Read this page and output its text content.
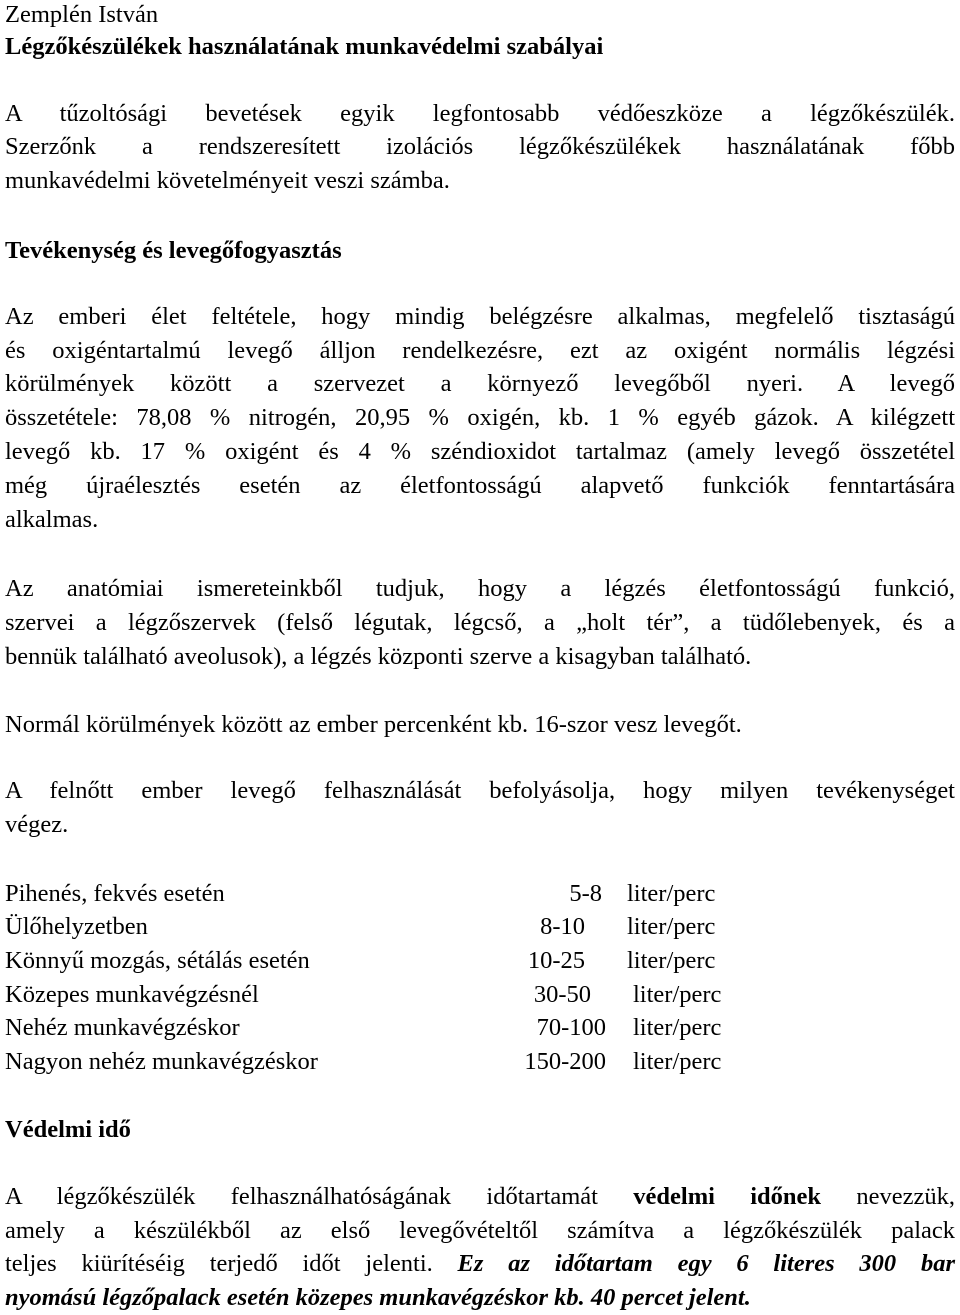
Zemplén István
Légzőkészülékek használatának munkavédelmi szabályai
A tűzoltósági bevetések egyik legfontosabb védőeszköze a légzőkészülék.
Szerzőnk a rendszeresített izolációs légzőkészülékek használatának főbb
munkavédelmi követelményeit veszi számba.
Tevékenység és levegőfogyasztás
Az emberi élet feltétele, hogy mindig belégzésre alkalmas, megfelelő tisztaságú
és oxigéntartalmú levegő álljon rendelkezésre, ezt az oxigént normális légzési
körülmények között a szervezet a környező levegőből nyeri. A levegő
összetétele: 78,08 % nitrogén, 20,95 % oxigén, kb. 1 % egyéb gázok. A kilégzett
levegő kb. 17 % oxigént és 4 % széndioxidot tartalmaz (amely levegő összetétel
még újraélesztés esetén az életfontosságú alapvető funkciók fenntartására
alkalmas.
Az anatómiai ismereteinkből tudjuk, hogy a légzés életfontosságú funkció,
szervei a légzőszervek (felső légutak, légcső, a „holt tér”, a tüdőlebenyek, és a
bennük található aveolusok), a légzés központi szerve a kisagyban található.
Normál körülmények között az ember percenként kb. 16-szor vesz levegőt.
A felnőtt ember levegő felhasználását befolyásolja, hogy milyen tevékenységet
végez.
Pihenés, fekvés esetén	5-8 liter/perc
Ülőhelyzetben	8-10 liter/perc
Könnyű mozgás, sétálás esetén	10-25 liter/perc
Közepes munkavégzésnél	30-50 liter/perc
Nehéz munkavégzéskor	70-100 liter/perc
Nagyon nehéz munkavégzéskor	150-200 liter/perc
Védelmi idő
A légzőkészülék felhasználhatóságának időtartamát védelmi időnek nevezzük,
amely a készülékből az első levegővételtől számítva a légzőkészülék palack
teljes kiürítéséig terjedő időt jelenti. Ez az időtartam egy 6 literes 300 bar
nyomású légzőpalack esetén közepes munkavégzéskor kb. 40 percet jelent.
